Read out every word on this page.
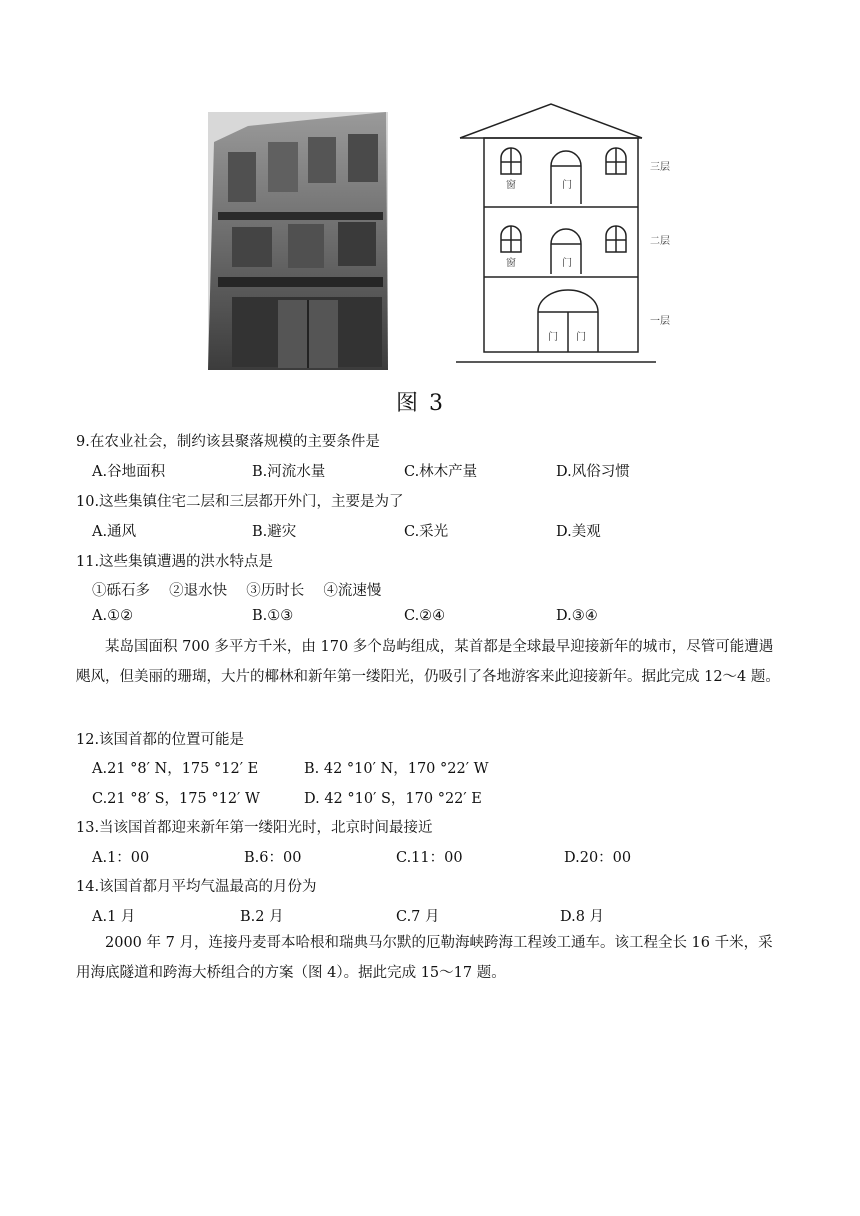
三层
二层
一层
窗	门
窗	门
门 门
图 3
9.在农业社会，制约该县聚落规模的主要条件是
A.谷地面积	B.河流水量	C.林木产量	D.风俗习惯
10.这些集镇住宅二层和三层都开外门，主要是为了
A.通风	B.避灾	C.采光	D.美观
11.这些集镇遭遇的洪水特点是
①砾石多　 ②退水快　 ③历时长　 ④流速慢
A.①②	B.①③	C.②④	D.③④
某岛国面积 700 多平方千米，由 170 多个岛屿组成，某首都是全球最早迎接新年的城市，尽管可能遭遇飓风，但美丽的珊瑚，大片的椰林和新年第一缕阳光，仍吸引了各地游客来此迎接新年。据此完成 12～4 题。
12.该国首都的位置可能是
A.21 °8′ N，175 °12′ E	B. 42 °10′ N，170 °22′ W
C.21 °8′ S，175 °12′ W	D. 42 °10′ S，170 °22′ E
13.当该国首都迎来新年第一缕阳光时，北京时间最接近
A.1：00	B.6：00	C.11：00	D.20：00
14.该国首都月平均气温最高的月份为
A.1 月	B.2 月	C.7 月	D.8 月
2000 年 7 月，连接丹麦哥本哈根和瑞典马尔默的厄勒海峡跨海工程竣工通车。该工程全长 16 千米，采用海底隧道和跨海大桥组合的方案（图 4）。据此完成 15～17 题。
